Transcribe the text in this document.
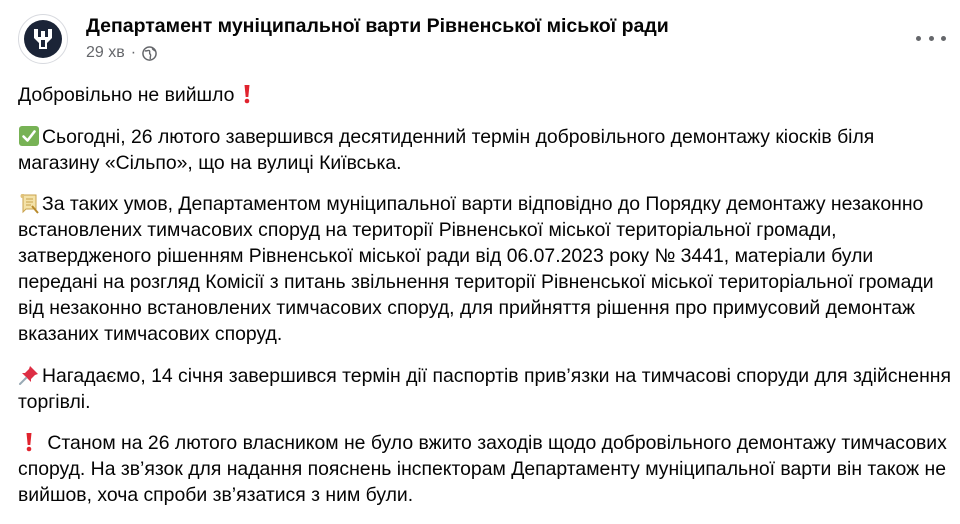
Департамент муніципальної варти Рівненської міської ради
29 хв ·

Добровільно не вийшло

Сьогодні, 26 лютого завершився десятиденний термін добровільного демонтажу кіосків біля магазину «Сільпо», що на вулиці Київська.

За таких умов, Департаментом муніципальної варти відповідно до Порядку демонтажу незаконно встановлених тимчасових споруд на території Рівненської міської територіальної громади, затвердженого рішенням Рівненської міської ради від 06.07.2023 року № 3441, матеріали були передані на розгляд Комісії з питань звільнення території Рівненської міської територіальної громади від незаконно встановлених тимчасових споруд, для прийняття рішення про примусовий демонтаж вказаних тимчасових споруд.

Нагадаємо, 14 січня завершився термін дії паспортів прив’язки на тимчасові споруди для здійснення торгівлі.

Станом на 26 лютого власником не було вжито заходів щодо добровільного демонтажу тимчасових споруд. На зв’язок для надання пояснень інспекторам Департаменту муніципальної варти він також не вийшов, хоча спроби зв’язатися з ним були.
